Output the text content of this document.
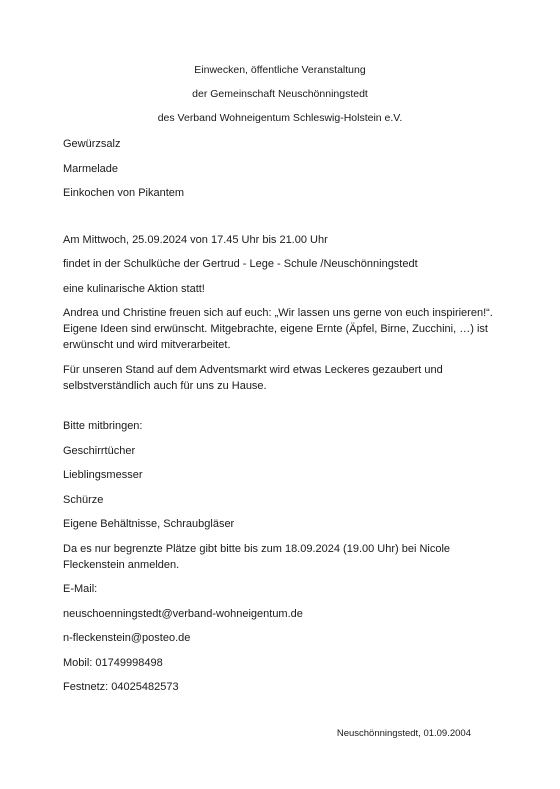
Einwecken, öffentliche Veranstaltung
der Gemeinschaft Neuschönningstedt
des Verband Wohneigentum Schleswig-Holstein e.V.

Gewürzsalz

Marmelade

Einkochen von Pikantem

Am Mittwoch, 25.09.2024 von 17.45 Uhr bis 21.00 Uhr

findet in der Schulküche der Gertrud - Lege - Schule /Neuschönningstedt

eine kulinarische Aktion statt!

Andrea und Christine freuen sich auf euch: „Wir lassen uns gerne von euch inspirieren!“. Eigene Ideen sind erwünscht. Mitgebrachte, eigene Ernte (Äpfel, Birne, Zucchini, …) ist erwünscht und wird mitverarbeitet.

Für unseren Stand auf dem Adventsmarkt wird etwas Leckeres gezaubert und selbstverständlich auch für uns zu Hause.

Bitte mitbringen:

Geschirrtücher

Lieblingsmesser

Schürze

Eigene Behältnisse, Schraubgläser

Da es nur begrenzte Plätze gibt bitte bis zum 18.09.2024 (19.00 Uhr) bei Nicole Fleckenstein anmelden.

E-Mail:

neuschoenningstedt@verband-wohneigentum.de

n-fleckenstein@posteo.de

Mobil: 01749998498

Festnetz: 04025482573

Neuschönningstedt, 01.09.2004
